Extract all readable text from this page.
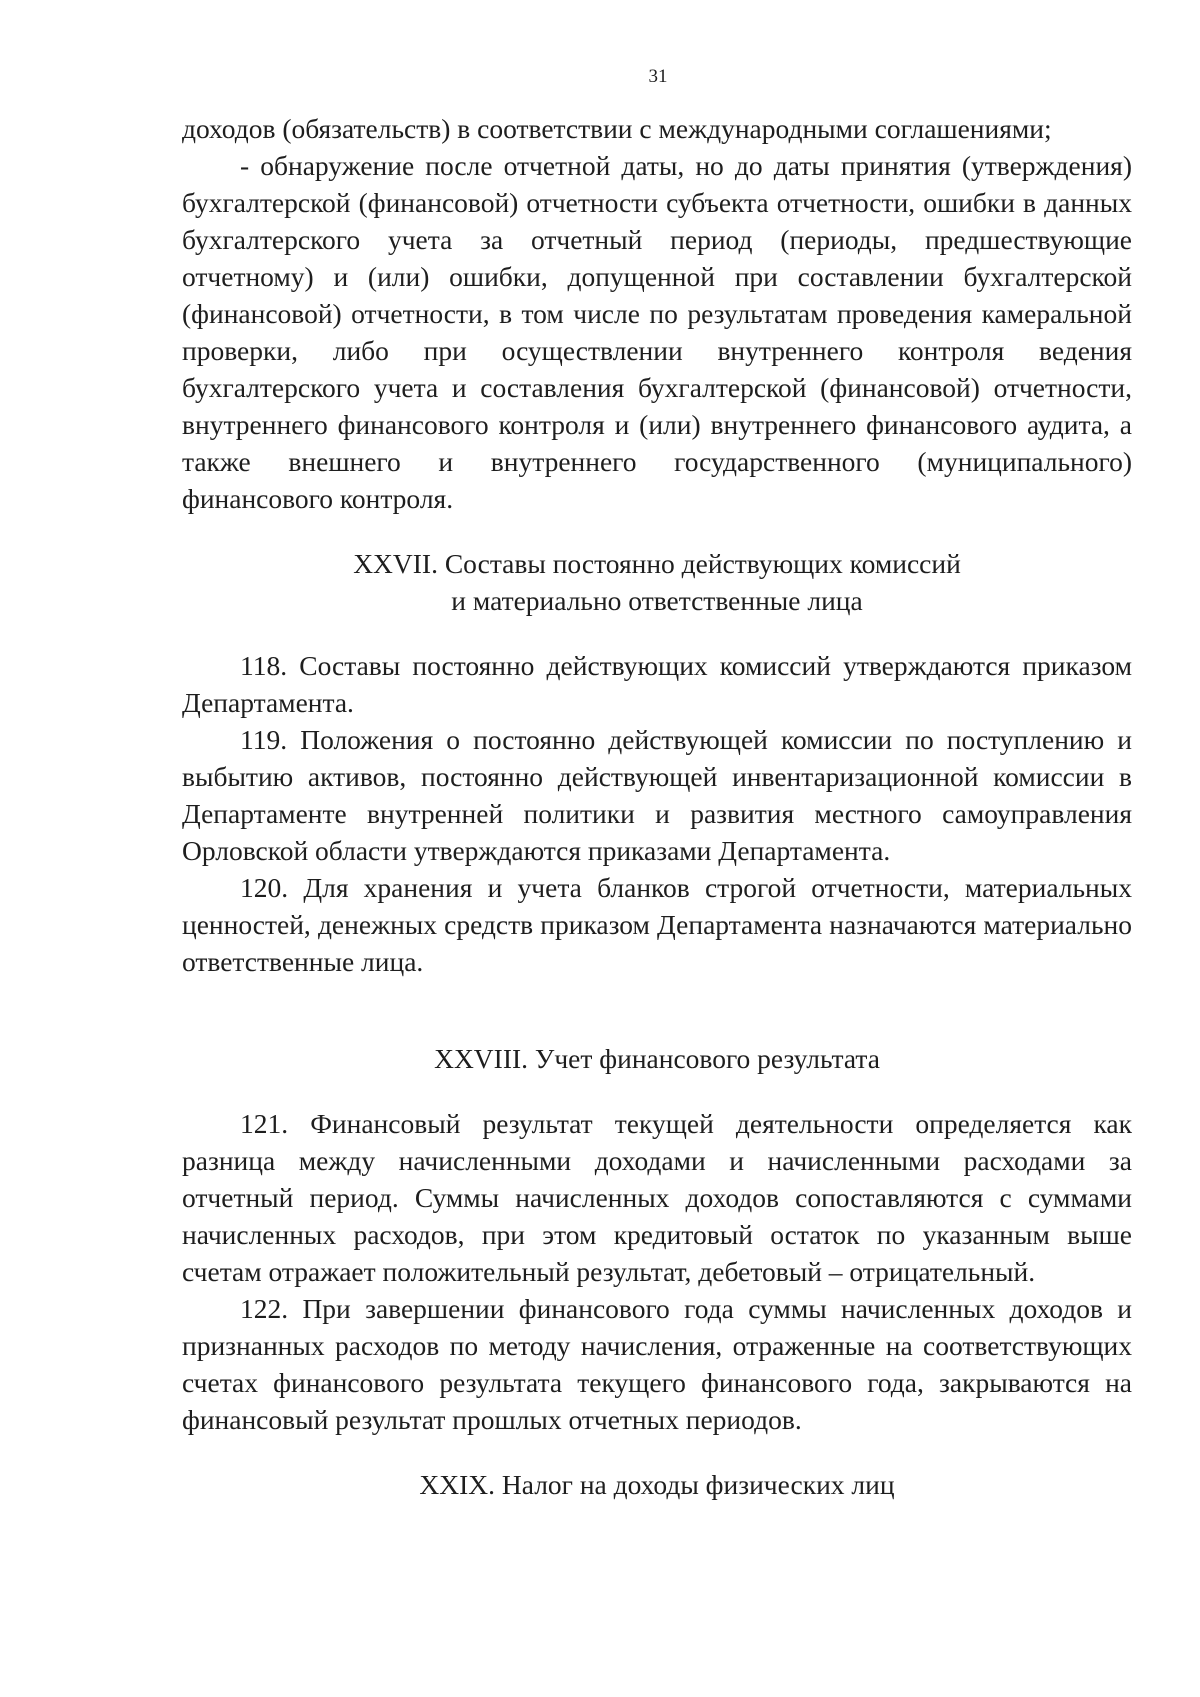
31

доходов (обязательств) в соответствии с международными соглашениями;

- обнаружение после отчетной даты, но до даты принятия (утверждения) бухгалтерской (финансовой) отчетности субъекта отчетности, ошибки в данных бухгалтерского учета за отчетный период (периоды, предшествующие отчетному) и (или) ошибки, допущенной при составлении бухгалтерской (финансовой) отчетности, в том числе по результатам проведения камеральной проверки, либо при осуществлении внутреннего контроля ведения бухгалтерского учета и составления бухгалтерской (финансовой) отчетности, внутреннего финансового контроля и (или) внутреннего финансового аудита, а также внешнего и внутреннего государственного (муниципального) финансового контроля.

XXVII. Составы постоянно действующих комиссий
и материально ответственные лица

118. Составы постоянно действующих комиссий утверждаются приказом Департамента.

119. Положения о постоянно действующей комиссии по поступлению и выбытию активов, постоянно действующей инвентаризационной комиссии в Департаменте внутренней политики и развития местного самоуправления Орловской области утверждаются приказами Департамента.

120. Для хранения и учета бланков строгой отчетности, материальных ценностей, денежных средств приказом Департамента назначаются материально ответственные лица.

XXVIII. Учет финансового результата

121. Финансовый результат текущей деятельности определяется как разница между начисленными доходами и начисленными расходами за отчетный период. Суммы начисленных доходов сопоставляются с суммами начисленных расходов, при этом кредитовый остаток по указанным выше счетам отражает положительный результат, дебетовый – отрицательный.

122. При завершении финансового года суммы начисленных доходов и признанных расходов по методу начисления, отраженные на соответствующих счетах финансового результата текущего финансового года, закрываются на финансовый результат прошлых отчетных периодов.

XXIX. Налог на доходы физических лиц
